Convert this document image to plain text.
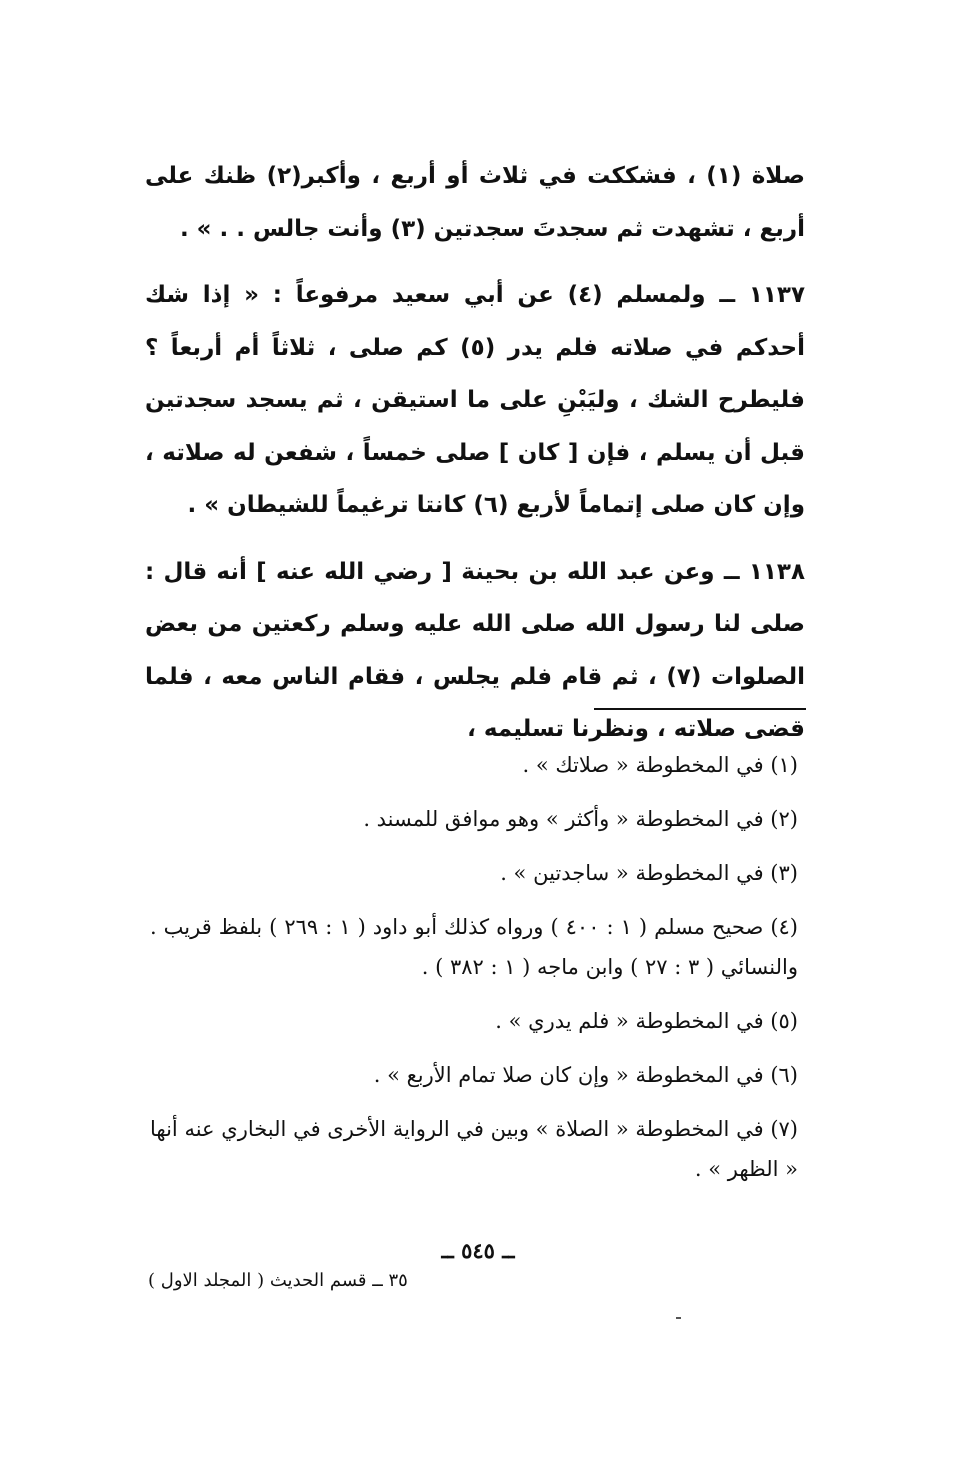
صلاة (١) ، فشككت في ثلاث أو أربع ، وأكبر(٢) ظنك على أربع ، تشهدت ثم سجدتَ سجدتين (٣) وأنت جالس . . » .

١١٣٧ ــ ولمسلم (٤) عن أبي سعيد مرفوعاً : « إذا شك أحدكم في صلاته فلم يدر (٥) كم صلى ، ثلاثاً أم أربعاً ؟ فليطرح الشك ، وليَبْنِ على ما استيقن ، ثم يسجد سجدتين قبل أن يسلم ، فإن [ كان ] صلى خمساً ، شفعن له صلاته ، وإن كان صلى إتماماً لأربع (٦) كانتا ترغيماً للشيطان » .

١١٣٨ ــ وعن عبد الله بن بحينة [ رضي الله عنه ] أنه قال : صلى لنا رسول الله صلى الله عليه وسلم ركعتين من بعض الصلوات (٧) ، ثم قام فلم يجلس ، فقام الناس معه ، فلما قضى صلاته ، ونظرنا تسليمه ،

(١) في المخطوطة « صلاتك » .

(٢) في المخطوطة « وأكثر » وهو موافق للمسند .

(٣) في المخطوطة « ساجدتين » .

(٤) صحيح مسلم ( ١ : ٤٠٠ ) ورواه كذلك أبو داود ( ١ : ٢٦٩ ) بلفظ قريب . والنسائي ( ٣ : ٢٧ ) وابن ماجه ( ١ : ٣٨٢ ) .

(٥) في المخطوطة « فلم يدري » .

(٦) في المخطوطة « وإن كان صلا تمام الأربع » .

(٧) في المخطوطة « الصلاة » وبين في الرواية الأخرى في البخاري عنه أنها « الظهر » .

ــ ٥٤٥ ــ
٣٥ ــ قسم الحديث ( المجلد الاول )
